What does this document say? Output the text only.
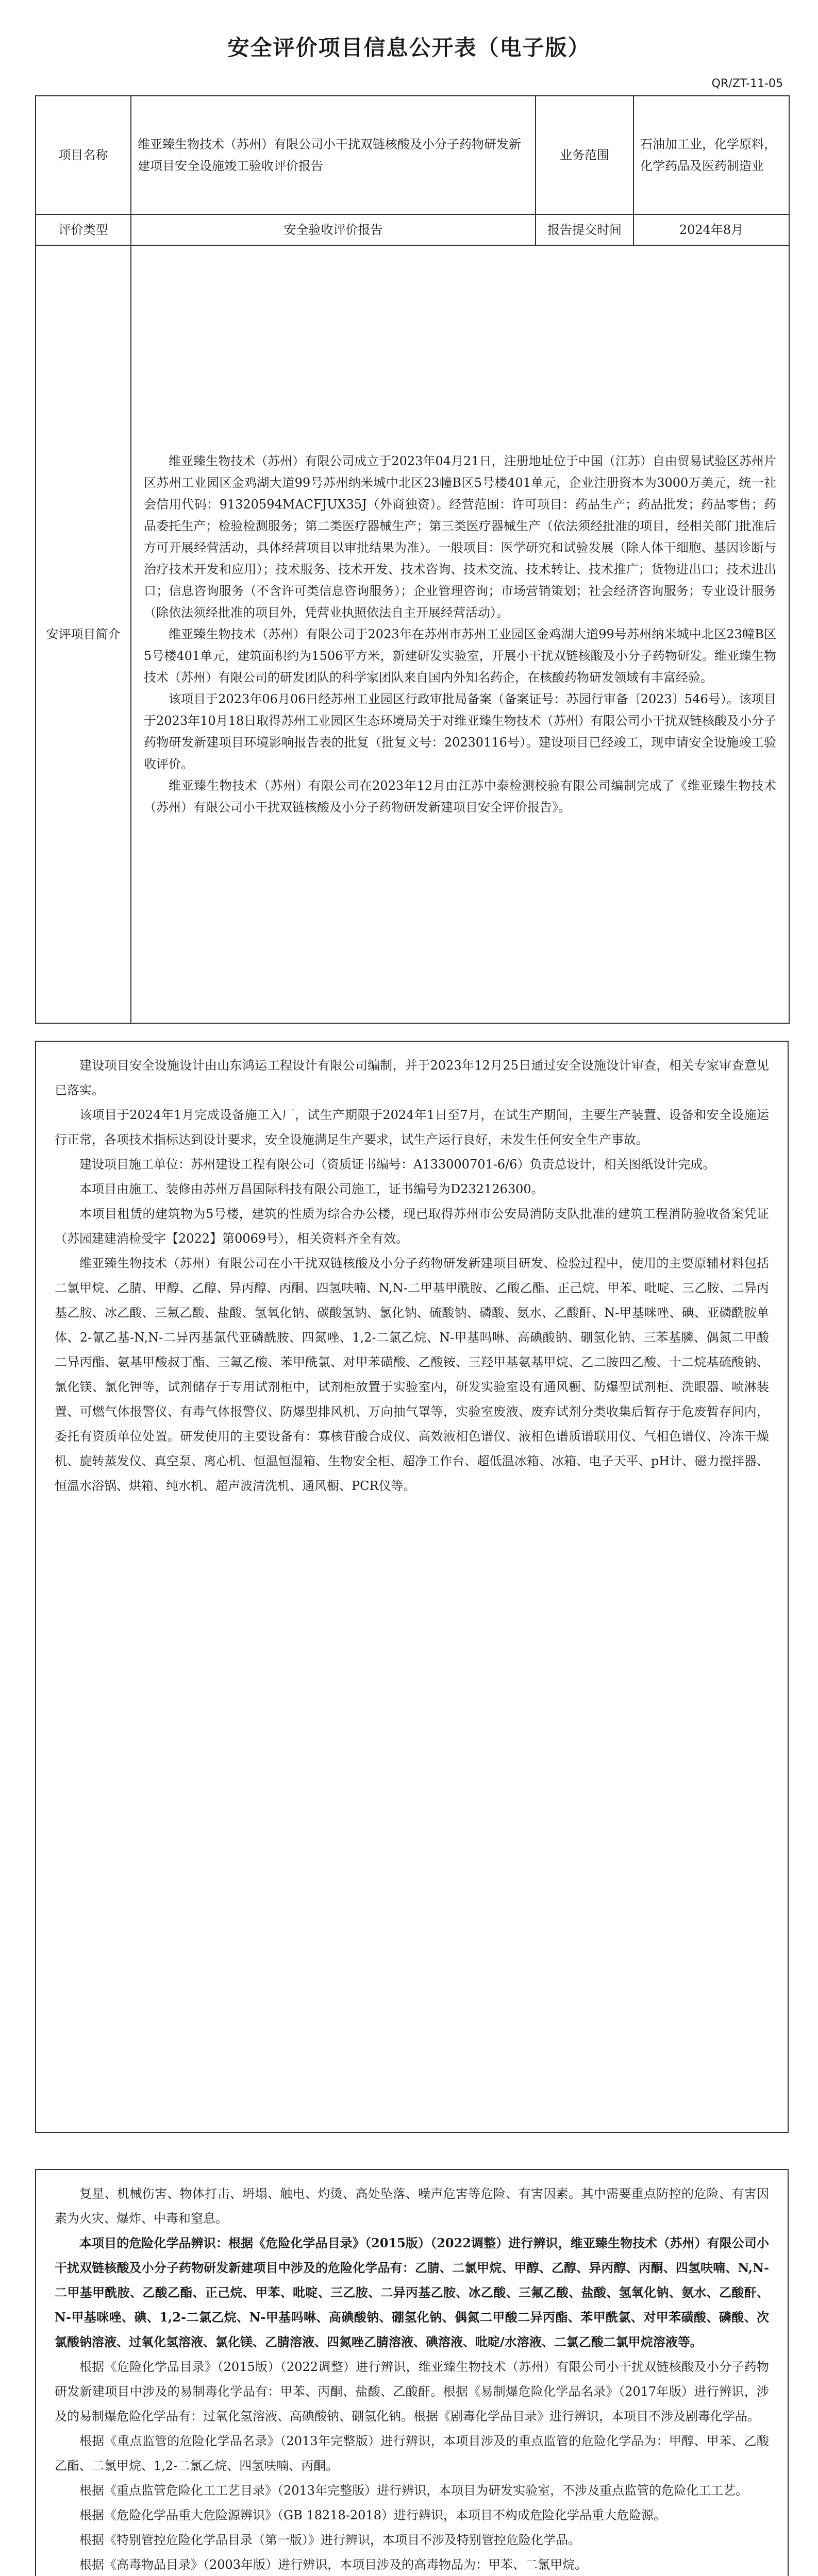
安全评价项目信息公开表（电子版）
QR/ZT-11-05
项目名称	维亚臻生物技术（苏州）有限公司小干扰双链核酸及小分子药物研发新建项目安全设施竣工验收评价报告	业务范围	石油加工业，化学原料，化学药品及医药制造业
评价类型	安全验收评价报告	报告提交时间	2024年8月
安评项目简介	维亚臻生物技术（苏州）有限公司成立于2023年04月21日，注册地址位于中国（江苏）自由贸易试验区苏州片区苏州工业园区金鸡湖大道99号苏州纳米城中北区23幢B区5号楼401单元，企业注册资本为3000万美元，统一社会信用代码：91320594MACFJUX35J（外商独资）。经营范围：许可项目：药品生产；药品批发；药品零售；药品委托生产；检验检测服务；第二类医疗器械生产；第三类医疗器械生产（依法须经批准的项目，经相关部门批准后方可开展经营活动，具体经营项目以审批结果为准）。一般项目：医学研究和试验发展（除人体干细胞、基因诊断与治疗技术开发和应用）；技术服务、技术开发、技术咨询、技术交流、技术转让、技术推广；货物进出口；技术进出口；信息咨询服务（不含许可类信息咨询服务）；企业管理咨询；市场营销策划；社会经济咨询服务；专业设计服务（除依法须经批准的项目外，凭营业执照依法自主开展经营活动）。

维亚臻生物技术（苏州）有限公司于2023年在苏州市苏州工业园区金鸡湖大道99号苏州纳米城中北区23幢B区5号楼401单元，建筑面积约为1506平方米，新建研发实验室，开展小干扰双链核酸及小分子药物研发。维亚臻生物技术（苏州）有限公司的研发团队的科学家团队来自国内外知名药企，在核酸药物研发领域有丰富经验。

该项目于2023年06月06日经苏州工业园区行政审批局备案（备案证号：苏园行审备〔2023〕546号）。该项目于2023年10月18日取得苏州工业园区生态环境局关于对维亚臻生物技术（苏州）有限公司小干扰双链核酸及小分子药物研发新建项目环境影响报告表的批复（批复文号：20230116号）。建设项目已经竣工，现申请安全设施竣工验收评价。

维亚臻生物技术（苏州）有限公司在2023年12月由江苏中泰检测校验有限公司编制完成了《维亚臻生物技术（苏州）有限公司小干扰双链核酸及小分子药物研发新建项目安全评价报告》。		

建设项目安全设施设计由山东鸿运工程设计有限公司编制，并于2023年12月25日通过安全设施设计审查，相关专家审查意见已落实。

该项目于2024年1月完成设备施工入厂，试生产期限于2024年1日至7月，在试生产期间，主要生产装置、设备和安全设施运行正常，各项技术指标达到设计要求，安全设施满足生产要求，试生产运行良好，未发生任何安全生产事故。

建设项目施工单位：苏州建设工程有限公司（资质证书编号：A133000701-6/6）负责总设计，相关图纸设计完成。

本项目由施工、装修由苏州万昌国际科技有限公司施工，证书编号为D232126300。

本项目租赁的建筑物为5号楼，建筑的性质为综合办公楼，现已取得苏州市公安局消防支队批准的建筑工程消防验收备案凭证（苏园建建消检受字【2022】第0069号），相关资料齐全有效。

维亚臻生物技术（苏州）有限公司在小干扰双链核酸及小分子药物研发新建项目研发、检验过程中，使用的主要原辅材料包括二氯甲烷、乙腈、甲醇、乙醇、异丙醇、丙酮、四氢呋喃、N,N-二甲基甲酰胺、乙酸乙酯、正己烷、甲苯、吡啶、三乙胺、二异丙基乙胺、冰乙酸、三氟乙酸、盐酸、氢氧化钠、碳酸氢钠、氯化钠、硫酸钠、磷酸、氨水、乙酸酐、N-甲基咪唑、碘、亚磷酰胺单体、2-氰乙基-N,N-二异丙基氯代亚磷酰胺、四氮唑、1,2-二氯乙烷、N-甲基吗啉、高碘酸钠、硼氢化钠、三苯基膦、偶氮二甲酸二异丙酯、氨基甲酸叔丁酯、三氟乙酸、苯甲酰氯、对甲苯磺酸、乙酸铵、三羟甲基氨基甲烷、乙二胺四乙酸、十二烷基硫酸钠、氯化镁、氯化钾等，试剂储存于专用试剂柜中，试剂柜放置于实验室内，研发实验室设有通风橱、防爆型试剂柜、洗眼器、喷淋装置、可燃气体报警仪、有毒气体报警仪、防爆型排风机、万向抽气罩等，实验室废液、废弃试剂分类收集后暂存于危废暂存间内，委托有资质单位处置。研发使用的主要设备有：寡核苷酸合成仪、高效液相色谱仪、液相色谱质谱联用仪、气相色谱仪、冷冻干燥机、旋转蒸发仪、真空泵、离心机、恒温恒湿箱、生物安全柜、超净工作台、超低温冰箱、冰箱、电子天平、pH计、磁力搅拌器、恒温水浴锅、烘箱、纯水机、超声波清洗机、通风橱、PCR仪等。

复星、机械伤害、物体打击、坍塌、触电、灼烫、高处坠落、噪声危害等危险、有害因素。其中需要重点防控的危险、有害因素为火灾、爆炸、中毒和窒息。

本项目的危险化学品辨识：根据《危险化学品目录》（2015版）（2022调整）进行辨识，维亚臻生物技术（苏州）有限公司小干扰双链核酸及小分子药物研发新建项目中涉及的危险化学品有：乙腈、二氯甲烷、甲醇、乙醇、异丙醇、丙酮、四氢呋喃、N,N-二甲基甲酰胺、乙酸乙酯、正己烷、甲苯、吡啶、三乙胺、二异丙基乙胺、冰乙酸、三氟乙酸、盐酸、氢氧化钠、氨水、乙酸酐、N-甲基咪唑、碘、1,2-二氯乙烷、N-甲基吗啉、高碘酸钠、硼氢化钠、偶氮二甲酸二异丙酯、苯甲酰氯、对甲苯磺酸、磷酸、次氯酸钠溶液、过氧化氢溶液、氯化镁、乙腈溶液、四氮唑乙腈溶液、碘溶液、吡啶/水溶液、二氯乙酸二氯甲烷溶液等。

根据《危险化学品目录》（2015版）（2022调整）进行辨识，维亚臻生物技术（苏州）有限公司小干扰双链核酸及小分子药物研发新建项目中涉及的易制毒化学品有：甲苯、丙酮、盐酸、乙酸酐。根据《易制爆危险化学品名录》（2017年版）进行辨识，涉及的易制爆危险化学品有：过氧化氢溶液、高碘酸钠、硼氢化钠。根据《剧毒化学品目录》进行辨识，本项目不涉及剧毒化学品。

根据《重点监管的危险化学品名录》（2013年完整版）进行辨识，本项目涉及的重点监管的危险化学品为：甲醇、甲苯、乙酸乙酯、二氯甲烷、1,2-二氯乙烷、四氢呋喃、丙酮。

根据《重点监管危险化工工艺目录》（2013年完整版）进行辨识，本项目为研发实验室，不涉及重点监管的危险化工工艺。

根据《危险化学品重大危险源辨识》（GB 18218-2018）进行辨识，本项目不构成危险化学品重大危险源。

根据《特别管控危险化学品目录（第一版）》进行辨识，本项目不涉及特别管控危险化学品。

根据《高毒物品目录》（2003年版）进行辨识，本项目涉及的高毒物品为：甲苯、二氯甲烷。
